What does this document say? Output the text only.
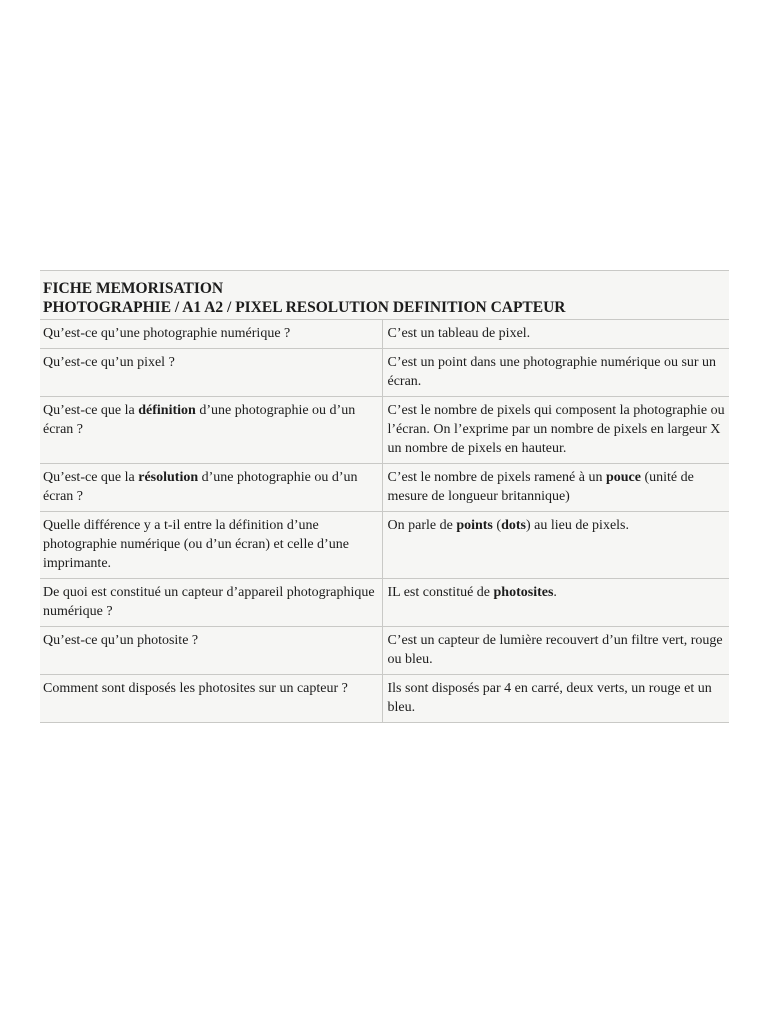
FICHE MEMORISATION
PHOTOGRAPHIE / A1 A2 / PIXEL RESOLUTION DEFINITION CAPTEUR
Qu’est-ce qu’une photographie numérique ?	C’est un tableau de pixel.
Qu’est-ce qu’un pixel ?	C’est un point dans une photographie numérique ou sur un écran.
Qu’est-ce que la définition d’une photographie ou d’un écran ?	C’est le nombre de pixels qui composent la photographie ou l’écran. On l’exprime par un nombre de pixels en largeur X un nombre de pixels en hauteur.
Qu’est-ce que la résolution d’une photographie ou d’un écran ?	C’est le nombre de pixels ramené à un pouce (unité de mesure de longueur britannique)
Quelle différence y a t-il entre la définition d’une photographie numérique (ou d’un écran) et celle d’une imprimante.	On parle de points (dots) au lieu de pixels.
De quoi est constitué un capteur d’appareil photographique numérique ?	IL est constitué de photosites.
Qu’est-ce qu’un photosite ?	C’est un capteur de lumière recouvert d’un filtre vert, rouge ou bleu.
Comment sont disposés les photosites sur un capteur ?	Ils sont disposés par 4 en carré, deux verts, un rouge et un bleu.
